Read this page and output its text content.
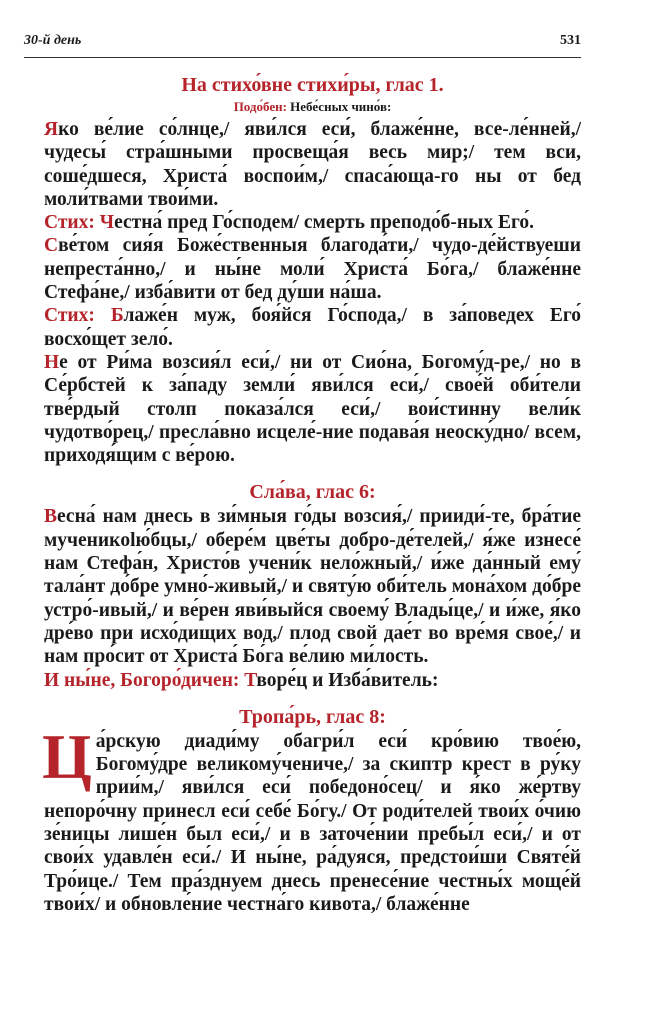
30-й день	531
На стихо́вне стихи́ры, глас 1.
Подо́бен: Небе́сных чино́в:

Яко ве́лие со́лнце,/ яви́лся еси́, блаже́нне, все-ле́нней,/ чудесы́ стра́шными просвеща́я весь мир;/ тем вси, соше́дшеся, Христа́ воспои́м,/ спаса́юща-го ны от бед моли́твами твои́ми.

Стих: Честна́ пред Го́сподем/ смерть преподо́б-ных Его́.

Све́том сия́я Боже́ственныя благода́ти,/ чудо-де́йствуеши непреста́нно,/ и ны́не моли́ Христа́ Бо́га,/ блаже́нне Стефа́не,/ изба́вити от бед ду́ши на́ша.

Стих: Блаже́н муж, боя́йся Го́спода,/ в за́поведех Его́ восхо́щет зело́.

Не от Ри́ма возсия́л еси́,/ ни от Сио́на, Богому́д-ре,/ но в Се́рбстей к за́паду земли́ яви́лся еси́,/ свое́й оби́тели тве́рдый столп показа́лся еси́,/ вои́стинну вели́к чудотво́рец,/ пресла́вно исцеле́-ние подава́я неоску́дно/ всем, приходя́щим с ве́рою.

Сла́ва, глас 6:

Весна́ нам днесь в зи́мныя го́ды возсия́,/ прииди́-те, бра́тие мученикolю́бцы,/ обере́м цве́ты добро-де́телей,/ я́же изнесе́ нам Стефа́н, Христо́в учени́к нело́жный,/ и́же да́нный ему́ тала́нт до́бре умно́-живый,/ и святу́ю оби́тель мона́хом до́бре устро́-ивый,/ и ве́рен яви́выйся своему́ Влады́це,/ и и́же, я́ко дре́во при исхо́дищих вод,/ плод свой дае́т во вре́мя свое́,/ и нам про́сит от Христа́ Бо́га ве́лию ми́лость.

И ны́не, Богоро́дичен: Творе́ц и Изба́витель:

Тропа́рь, глас 8:
Ц а́рскую диади́му обагри́л еси́ кро́вию твое́ю, Богому́дре великому́чениче,/ за скиптр крест в ру́ку прии́м,/ яви́лся еси́ победоно́сец/ и я́ко же́ртву непоро́чну принесл еси́ себе́ Бо́гу./ От роди́телей твои́х о́чию зе́ницы лише́н был еси́,/ и в заточе́нии пребы́л еси́,/ и от свои́х удавле́н еси́./ И ны́не, ра́дуяся, предстои́ши Святе́й Тро́ице./ Тем пра́зднуем днесь пренесе́ние честны́х моще́й твои́х/ и обновле́ние честна́го кивота,/ блаже́нне
